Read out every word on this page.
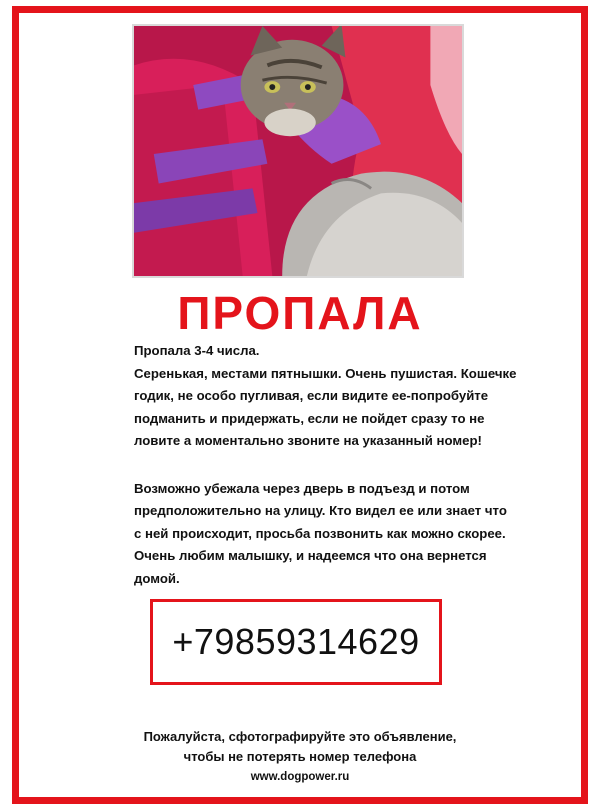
ПРОПАЛА

Пропала 3-4 числа.

Серенькая, местами пятнышки. Очень пушистая. Кошечке

годик, не особо пугливая, если видите ее-попробуйте

подманить и придержать, если не пойдет сразу то не

ловите а моментально звоните на указанный номер!

Возможно убежала через дверь в подъезд и потом

предположительно на улицу. Кто видел ее или знает что

с ней происходит, просьба позвонить как можно скорее.

Очень любим малышку, и надеемся что она вернется

домой.

+79859314629
Пожалуйста, сфотографируйте это объявление,
чтобы не потерять номер телефона
www.dogpower.ru
